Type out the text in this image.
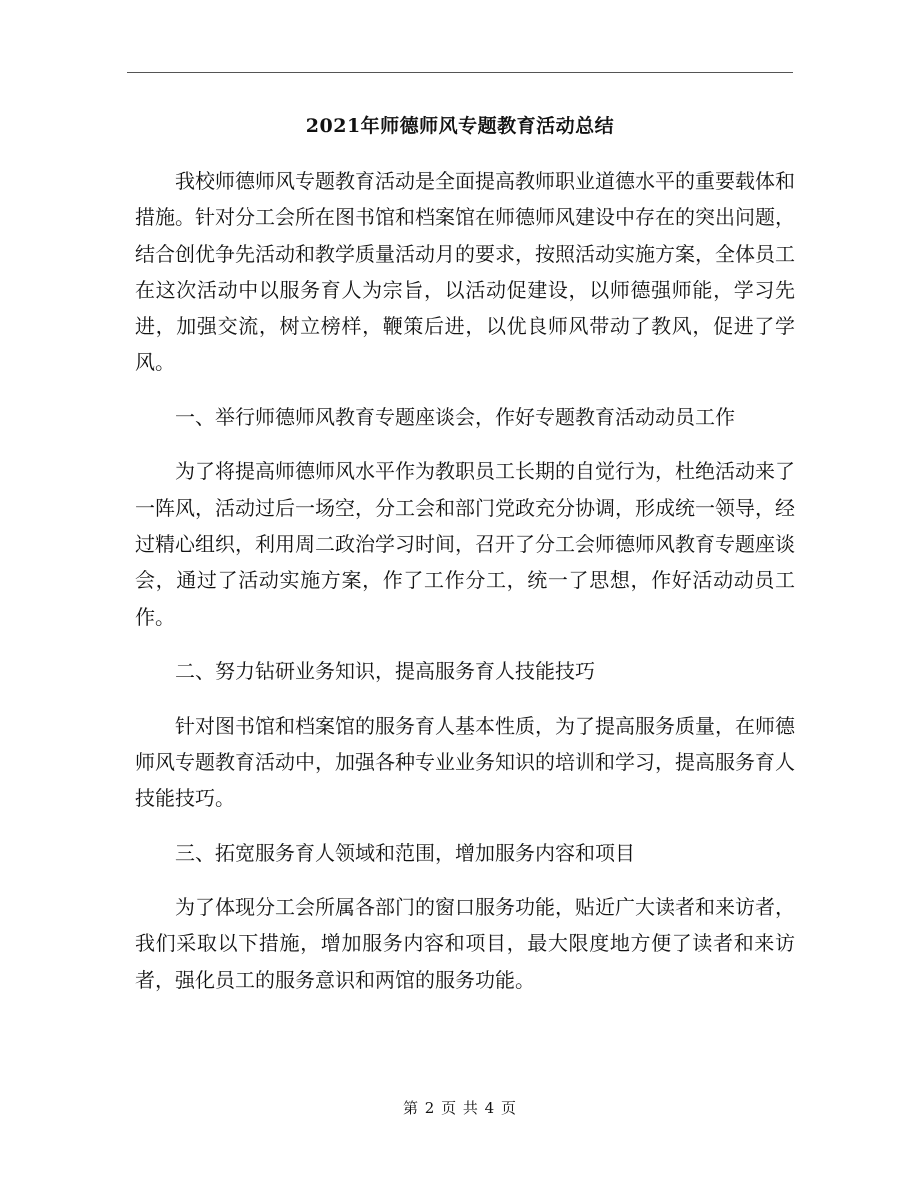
2021年师德师风专题教育活动总结

我校师德师风专题教育活动是全面提高教师职业道德水平的重要载体和措施。针对分工会所在图书馆和档案馆在师德师风建设中存在的突出问题，结合创优争先活动和教学质量活动月的要求，按照活动实施方案，全体员工在这次活动中以服务育人为宗旨，以活动促建设，以师德强师能，学习先进，加强交流，树立榜样，鞭策后进，以优良师风带动了教风，促进了学风。

一、举行师德师风教育专题座谈会，作好专题教育活动动员工作

为了将提高师德师风水平作为教职员工长期的自觉行为，杜绝活动来了一阵风，活动过后一场空，分工会和部门党政充分协调，形成统一领导，经过精心组织，利用周二政治学习时间，召开了分工会师德师风教育专题座谈会，通过了活动实施方案，作了工作分工，统一了思想，作好活动动员工作。

二、努力钻研业务知识，提高服务育人技能技巧

针对图书馆和档案馆的服务育人基本性质，为了提高服务质量，在师德师风专题教育活动中，加强各种专业业务知识的培训和学习，提高服务育人技能技巧。

三、拓宽服务育人领域和范围，增加服务内容和项目

为了体现分工会所属各部门的窗口服务功能，贴近广大读者和来访者，我们采取以下措施，增加服务内容和项目，最大限度地方便了读者和来访者，强化员工的服务意识和两馆的服务功能。

第 2 页 共 4 页
